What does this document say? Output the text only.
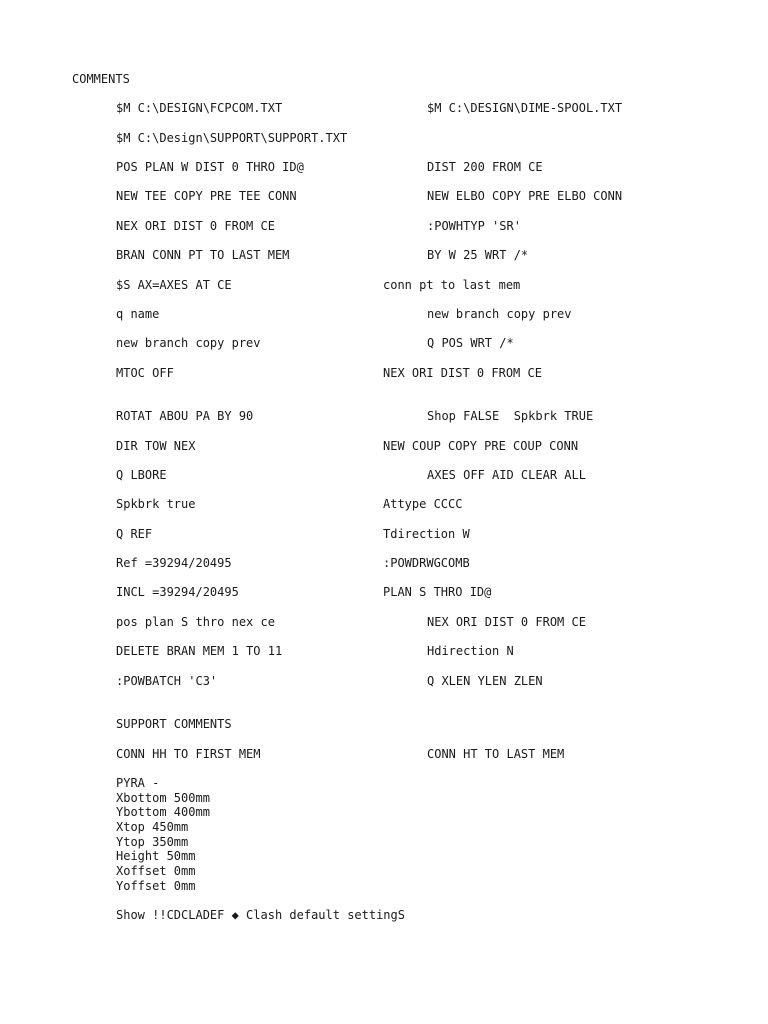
COMMENTS
$M C:\DESIGN\FCPCOM.TXT	$M C:\DESIGN\DIME-SPOOL.TXT
$M C:\Design\SUPPORT\SUPPORT.TXT
POS PLAN W DIST 0 THRO ID@	DIST 200 FROM CE
NEW TEE COPY PRE TEE CONN	NEW ELBO COPY PRE ELBO CONN
NEX ORI DIST 0 FROM CE	:POWHTYP 'SR'
BRAN CONN PT TO LAST MEM	BY W 25 WRT /*
$S AX=AXES AT CE	conn pt to last mem
q name	new branch copy prev
new branch copy prev	Q POS WRT /*
MTOC OFF	NEX ORI DIST 0 FROM CE
ROTAT ABOU PA BY 90	Shop FALSE  Spkbrk TRUE
DIR TOW NEX	NEW COUP COPY PRE COUP CONN
Q LBORE	AXES OFF AID CLEAR ALL
Spkbrk true	Attype CCCC
Q REF	Tdirection W
Ref =39294/20495	:POWDRWGCOMB
INCL =39294/20495	PLAN S THRO ID@
pos plan S thro nex ce	NEX ORI DIST 0 FROM CE
DELETE BRAN MEM 1 TO 11	Hdirection N
:POWBATCH 'C3'	Q XLEN YLEN ZLEN
SUPPORT COMMENTS
CONN HH TO FIRST MEM	CONN HT TO LAST MEM
PYRA -
Xbottom 500mm
Ybottom 400mm
Xtop 450mm
Ytop 350mm
Height 50mm
Xoffset 0mm
Yoffset 0mm
Show !!CDCLADEF ◆ Clash default settingS
